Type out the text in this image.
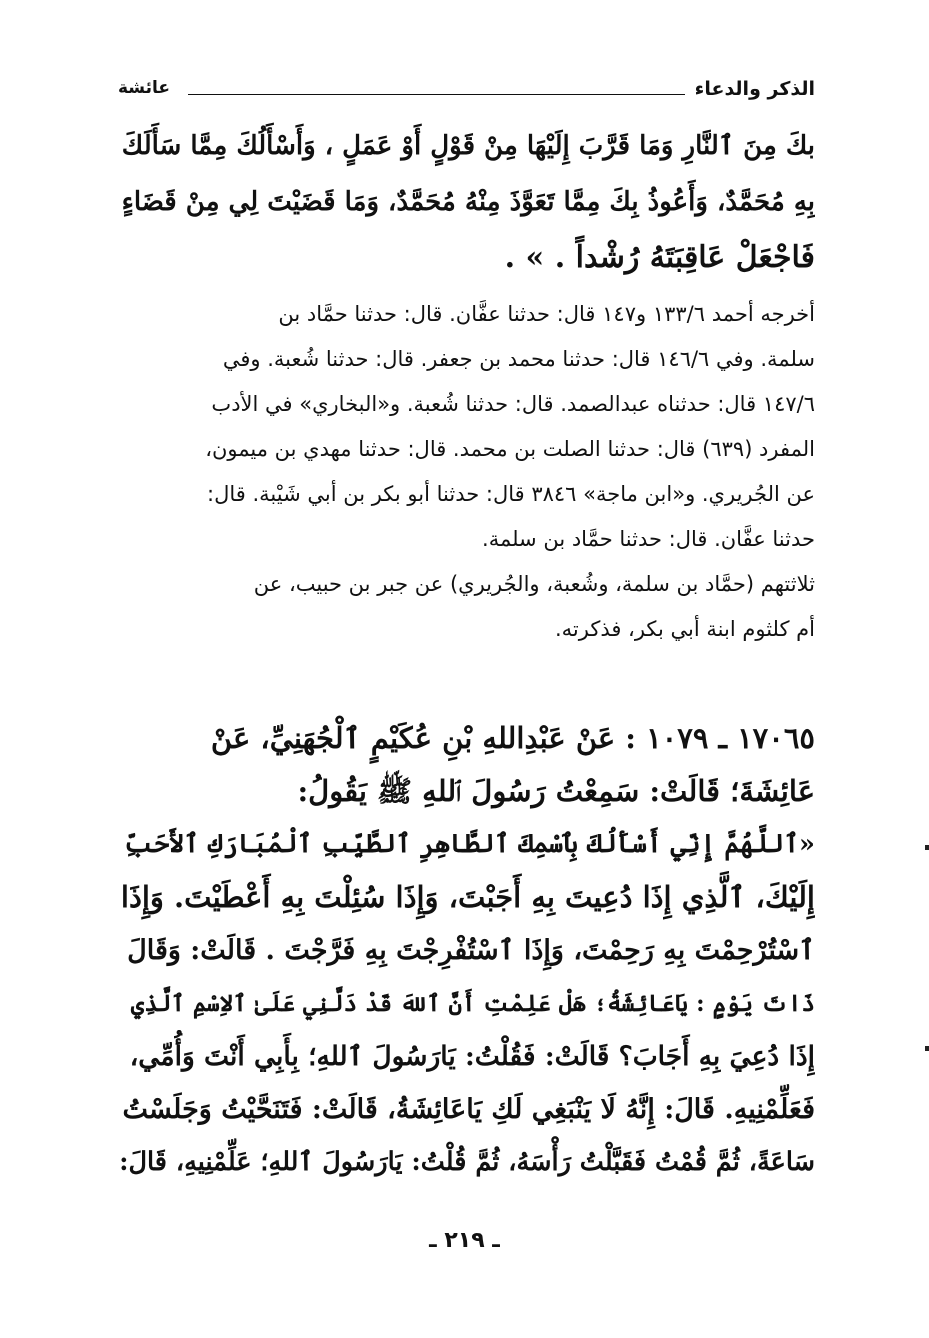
الذكر والدعاء
عائشة
بكَ مِنَ ٱلنَّارِ وَمَا قَرَّبَ إِلَيْهَا مِنْ قَوْلٍ أَوْ عَمَلٍ ، وَأَسْأَلُكَ مِمَّا سَأَلَكَ
بِهِ مُحَمَّدٌ، وَأَعُوذُ بِكَ مِمَّا تَعَوَّذَ مِنْهُ مُحَمَّدٌ، وَمَا قَضَيْتَ لِي مِنْ قَضَاءٍ
فَاجْعَلْ عَاقِبَتَهُ رُشْداً . » .
أخرجه أحمد ١٣٣/٦ و١٤٧ قال: حدثنا عفَّان. قال: حدثنا حمَّاد بن
سلمة. وفي ١٤٦/٦ قال: حدثنا محمد بن جعفر. قال: حدثنا شُعبة. وفي
١٤٧/٦ قال: حدثناه عبدالصمد. قال: حدثنا شُعبة. و«البخاري» في الأدب
المفرد (٦٣٩) قال: حدثنا الصلت بن محمد. قال: حدثنا مهدي بن ميمون،
عن الجُريري. و«ابن ماجة» ٣٨٤٦ قال: حدثنا أبو بكر بن أبي شَيْبة. قال:
حدثنا عفَّان. قال: حدثنا حمَّاد بن سلمة.
ثلاثتهم (حمَّاد بن سلمة، وشُعبة، والجُريري) عن جبر بن حبيب، عن
أم كلثوم ابنة أبي بكر، فذكرته.
١٧٠٦٥ ـ ١٠٧٩ : عَنْ عَبْدِاللهِ بْنِ عُكَيْمٍ ٱلْجُهَنِيِّ، عَنْ
عَائِشَةَ؛ قَالَتْ: سَمِعْتُ رَسُولَ ٱللهِ ﷺ يَقُولُ:
«ٱللَّهُمَّ إِنِّي أَسْأَلُكَ بِٱسْمِكَ ٱلطَّاهِرِ ٱلطَّيِّبِ ٱلْمُبَارَكِ ٱلأَحَبِّ
إِلَيْكَ، ٱلَّذِي إِذَا دُعِيتَ بِهِ أَجَبْتَ، وَإِذَا سُئِلْتَ بِهِ أَعْطَيْتَ. وَإِذَا
ٱسْتُرْحِمْتَ بِهِ رَحِمْتَ، وَإِذَا ٱسْتُفْرِجْتَ بِهِ فَرَّجْتَ . قَالَتْ: وَقَالَ
ذَاتَ يَوْمٍ : يَاعَائِشَةُ؛ هَلْ عَلِمْتِ أَنَّ ٱللهَ قَدْ دَلَّنِي عَلَىٰ ٱلاِسْمِ ٱلَّذِي
إِذَا دُعِيَ بِهِ أَجَابَ؟ قَالَتْ: فَقُلْتُ: يَارَسُولَ ٱللهِ؛ بِأَبِي أَنْتَ وَأُمِّي،
فَعَلِّمْنِيهِ. قَالَ: إِنَّهُ لَا يَنْبَغِي لَكِ يَاعَائِشَةُ، قَالَتْ: فَتَنَحَّيْتُ وَجَلَسْتُ
سَاعَةً، ثُمَّ قُمْتُ فَقَبَّلْتُ رَأْسَهُ، ثُمَّ قُلْتُ: يَارَسُولَ ٱللهِ؛ عَلِّمْنِيهِ، قَالَ:
ـ ٢١٩ ـ
